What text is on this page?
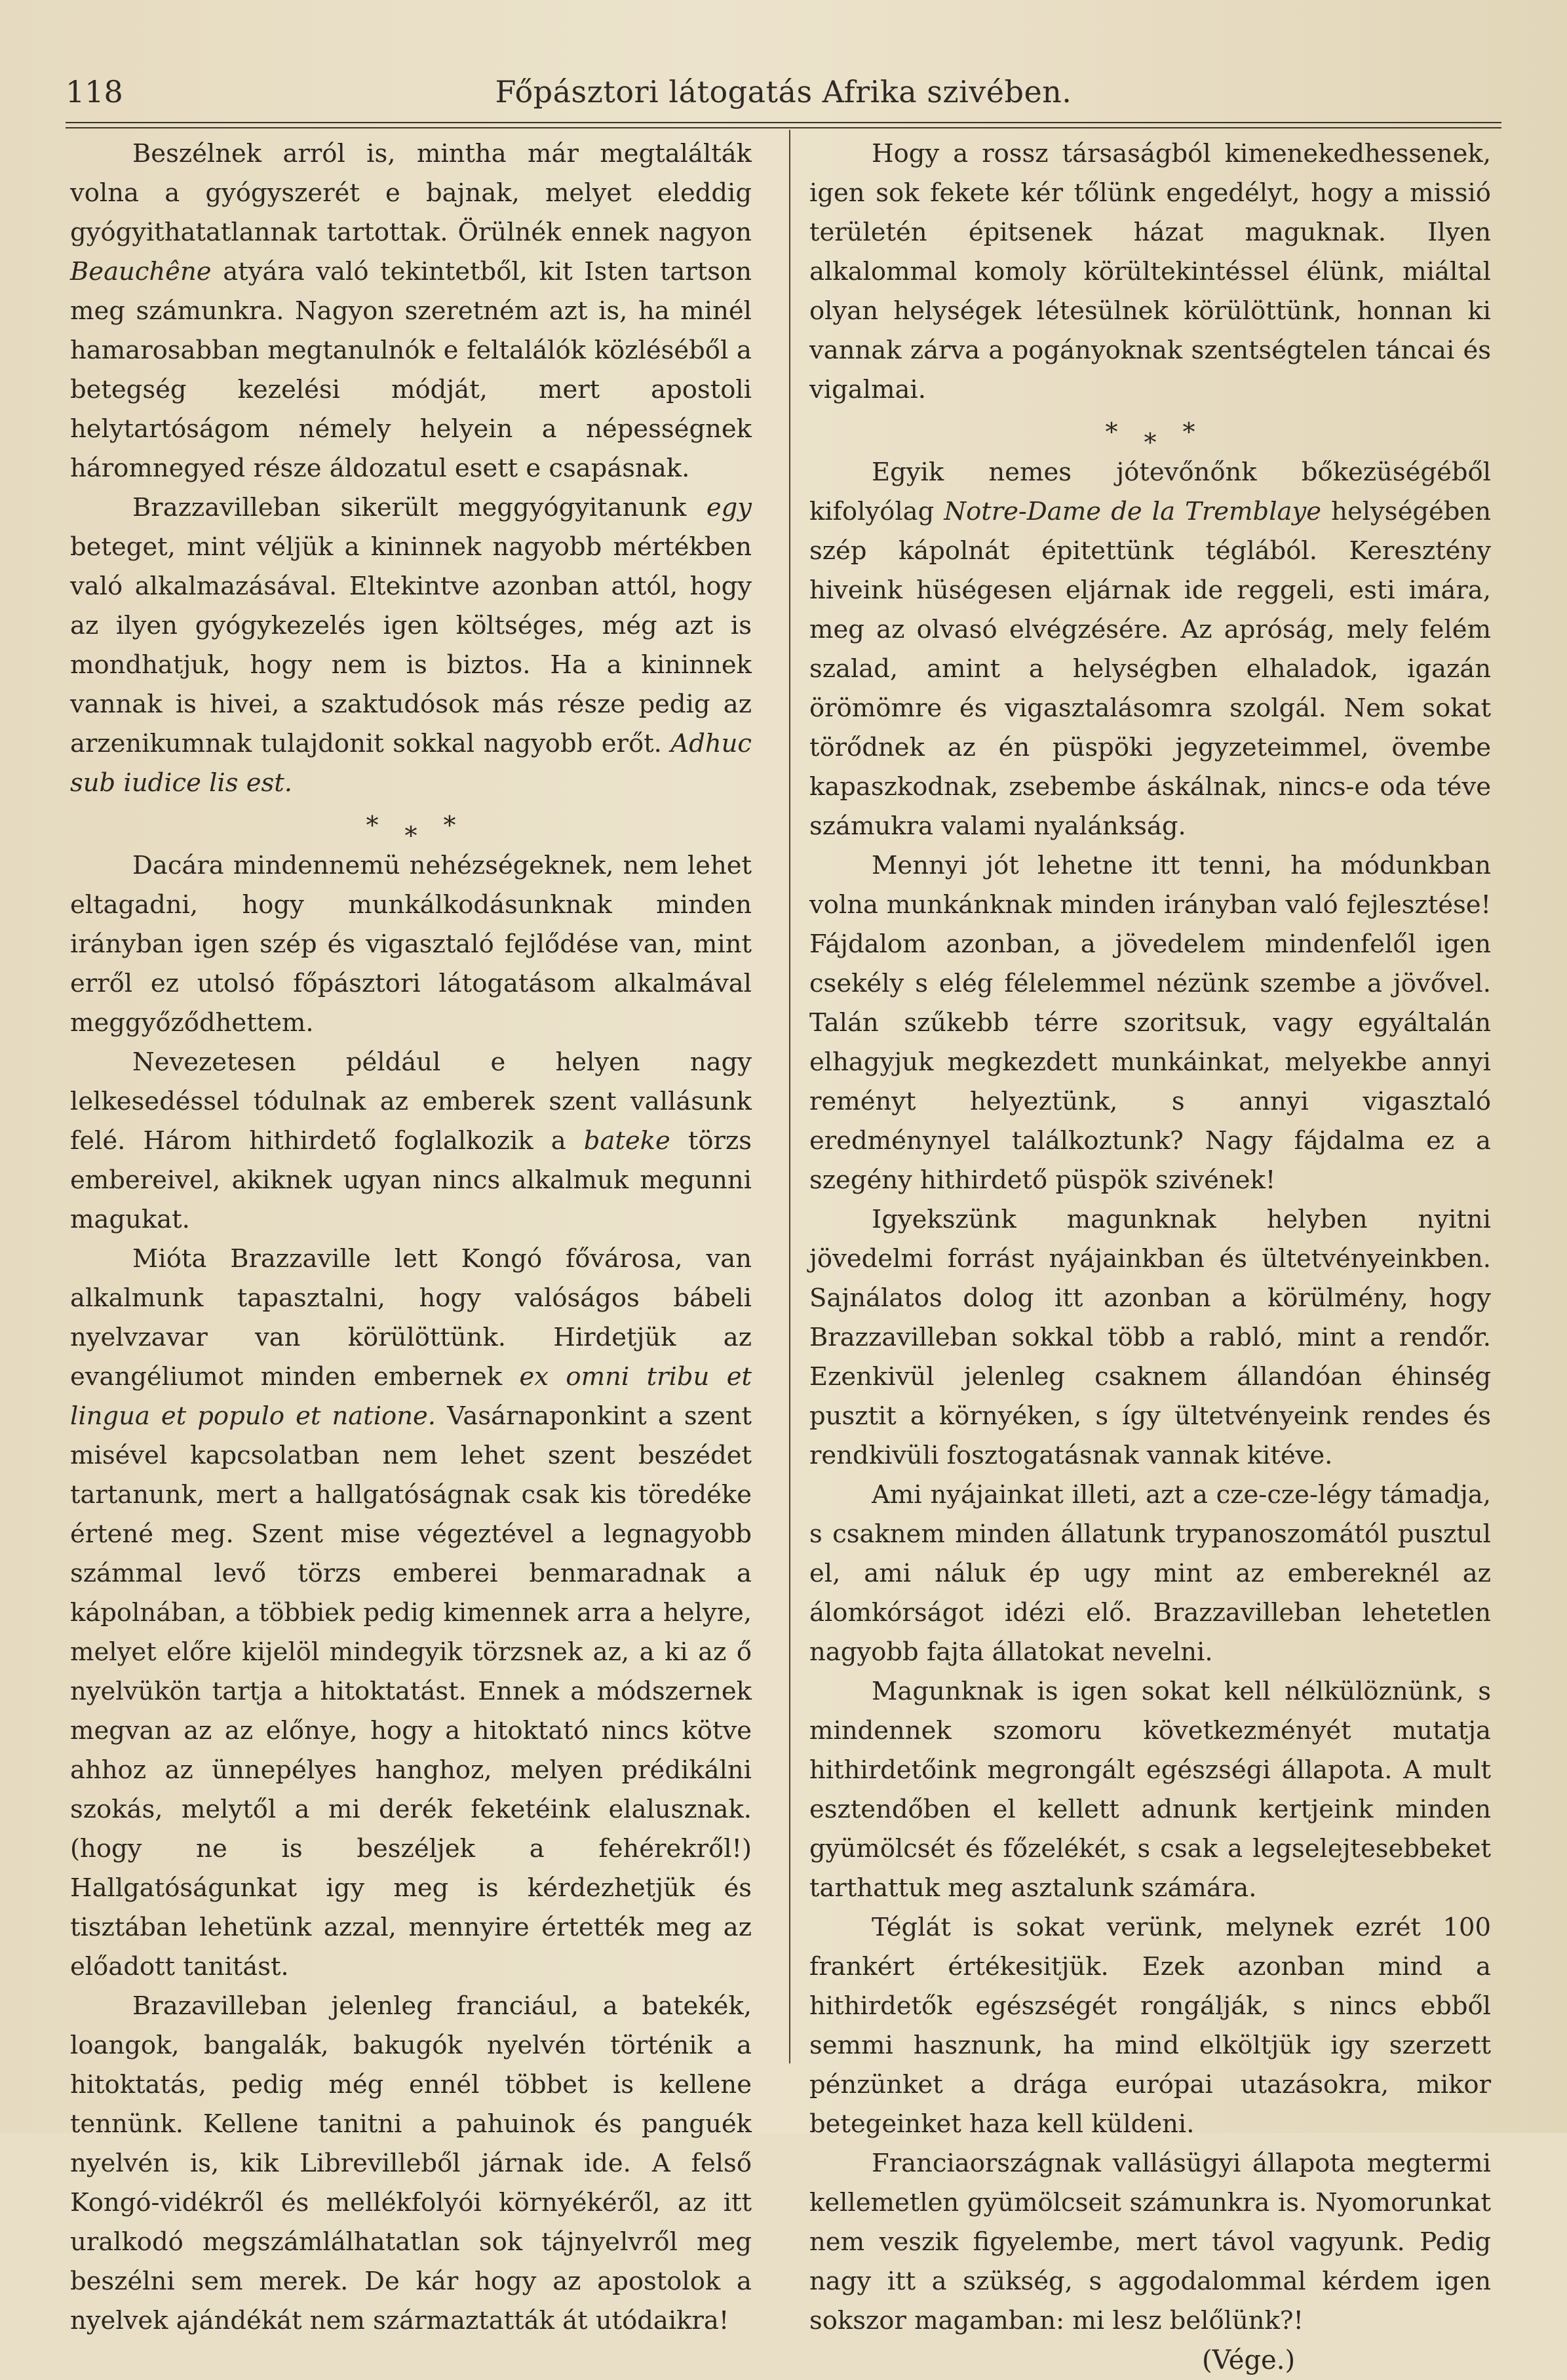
118	Főpásztori látogatás Afrika szivében.

Beszélnek arról is, mintha már megtalálták volna a gyógyszerét e bajnak, melyet eleddig gyógyithatatlannak tartottak. Örülnék ennek nagyon Beauchêne atyára való tekintetből, kit Isten tartson meg számunkra. Nagyon szeretném azt is, ha minél hamarosabban megtanulnók e feltalálók közléséből a betegség kezelési módját, mert apostoli helytartóságom némely helyein a népességnek háromnegyed része áldozatul esett e csapásnak.

Brazzavilleban sikerült meggyógyitanunk egy beteget, mint véljük a kininnek nagyobb mértékben való alkalmazásával. Eltekintve azonban attól, hogy az ilyen gyógykezelés igen költséges, még azt is mondhatjuk, hogy nem is biztos. Ha a kininnek vannak is hivei, a szaktudósok más része pedig az arzenikumnak tulajdonit sokkal nagyobb erőt. Adhuc sub iudice lis est.

* * *

Dacára mindennemü nehézségeknek, nem lehet eltagadni, hogy munkálkodásunknak minden irányban igen szép és vigasztaló fejlődése van, mint erről ez utolsó főpásztori látogatásom alkalmával meggyőződhettem.

Nevezetesen például e helyen nagy lelkesedéssel tódulnak az emberek szent vallásunk felé. Három hithirdető foglalkozik a bateke törzs embereivel, akiknek ugyan nincs alkalmuk megunni magukat.

Mióta Brazzaville lett Kongó fővárosa, van alkalmunk tapasztalni, hogy valóságos bábeli nyelvzavar van körülöttünk. Hirdetjük az evangéliumot minden embernek ex omni tribu et lingua et populo et natione. Vasárnaponkint a szent misével kapcsolatban nem lehet szent beszédet tartanunk, mert a hallgatóságnak csak kis töredéke értené meg. Szent mise végeztével a legnagyobb számmal levő törzs emberei benmaradnak a kápolnában, a többiek pedig kimennek arra a helyre, melyet előre kijelöl mindegyik törzsnek az, a ki az ő nyelvükön tartja a hitoktatást. Ennek a módszernek megvan az az előnye, hogy a hitoktató nincs kötve ahhoz az ünnepélyes hanghoz, melyen prédikálni szokás, melytől a mi derék feketéink elalusznak. (hogy ne is beszéljek a fehérekről!) Hallgatóságunkat igy meg is kérdezhetjük és tisztában lehetünk azzal, mennyire értették meg az előadott tanitást.

Brazavilleban jelenleg franciául, a batekék, loangok, bangalák, bakugók nyelvén történik a hitoktatás, pedig még ennél többet is kellene tennünk. Kellene tanitni a pahuinok és panguék nyelvén is, kik Librevilleből járnak ide. A felső Kongó-vidékről és mellékfolyói környékéről, az itt uralkodó megszámlálhatatlan sok tájnyelvről meg beszélni sem merek. De kár hogy az apostolok a nyelvek ajándékát nem származtatták át utódaikra!

Hogy a rossz társaságból kimenekedhessenek, igen sok fekete kér tőlünk engedélyt, hogy a missió területén épitsenek házat maguknak. Ilyen alkalommal komoly körültekintéssel élünk, miáltal olyan helységek létesülnek körülöttünk, honnan ki vannak zárva a pogányoknak szentségtelen táncai és vigalmai.

* * *

Egyik nemes jótevőnőnk bőkezüségéből kifolyólag Notre-Dame de la Tremblaye helységében szép kápolnát épitettünk téglából. Keresztény hiveink hüségesen eljárnak ide reggeli, esti imára, meg az olvasó elvégzésére. Az apróság, mely felém szalad, amint a helységben elhaladok, igazán örömömre és vigasztalásomra szolgál. Nem sokat törődnek az én püspöki jegyzeteimmel, övembe kapaszkodnak, zsebembe áskálnak, nincs-e oda téve számukra valami nyalánkság.

Mennyi jót lehetne itt tenni, ha módunkban volna munkánknak minden irányban való fejlesztése! Fájdalom azonban, a jövedelem mindenfelől igen csekély s elég félelemmel nézünk szembe a jövővel. Talán szűkebb térre szoritsuk, vagy egyáltalán elhagyjuk megkezdett munkáinkat, melyekbe annyi reményt helyeztünk, s annyi vigasztaló eredménynyel találkoztunk? Nagy fájdalma ez a szegény hithirdető püspök szivének!

Igyekszünk magunknak helyben nyitni jövedelmi forrást nyájainkban és ültetvényeinkben. Sajnálatos dolog itt azonban a körülmény, hogy Brazzavilleban sokkal több a rabló, mint a rendőr. Ezenkivül jelenleg csaknem állandóan éhinség pusztit a környéken, s így ültetvényeink rendes és rendkivüli fosztogatásnak vannak kitéve.

Ami nyájainkat illeti, azt a cze-cze-légy támadja, s csaknem minden állatunk trypanoszomától pusztul el, ami náluk ép ugy mint az embereknél az álomkórságot idézi elő. Brazzavilleban lehetetlen nagyobb fajta állatokat nevelni.

Magunknak is igen sokat kell nélkülöznünk, s mindennek szomoru következményét mutatja hithirdetőink megrongált egészségi állapota. A mult esztendőben el kellett adnunk kertjeink minden gyümölcsét és főzelékét, s csak a legselejtesebbeket tarthattuk meg asztalunk számára.

Téglát is sokat verünk, melynek ezrét 100 frankért értékesitjük. Ezek azonban mind a hithirdetők egészségét rongálják, s nincs ebből semmi hasznunk, ha mind elköltjük igy szerzett pénzünket a drága európai utazásokra, mikor betegeinket haza kell küldeni.

Franciaországnak vallásügyi állapota megtermi kellemetlen gyümölcseit számunkra is. Nyomorunkat nem veszik figyelembe, mert távol vagyunk. Pedig nagy itt a szükség, s aggodalommal kérdem igen sokszor magamban: mi lesz belőlünk?!

(Vége.)
